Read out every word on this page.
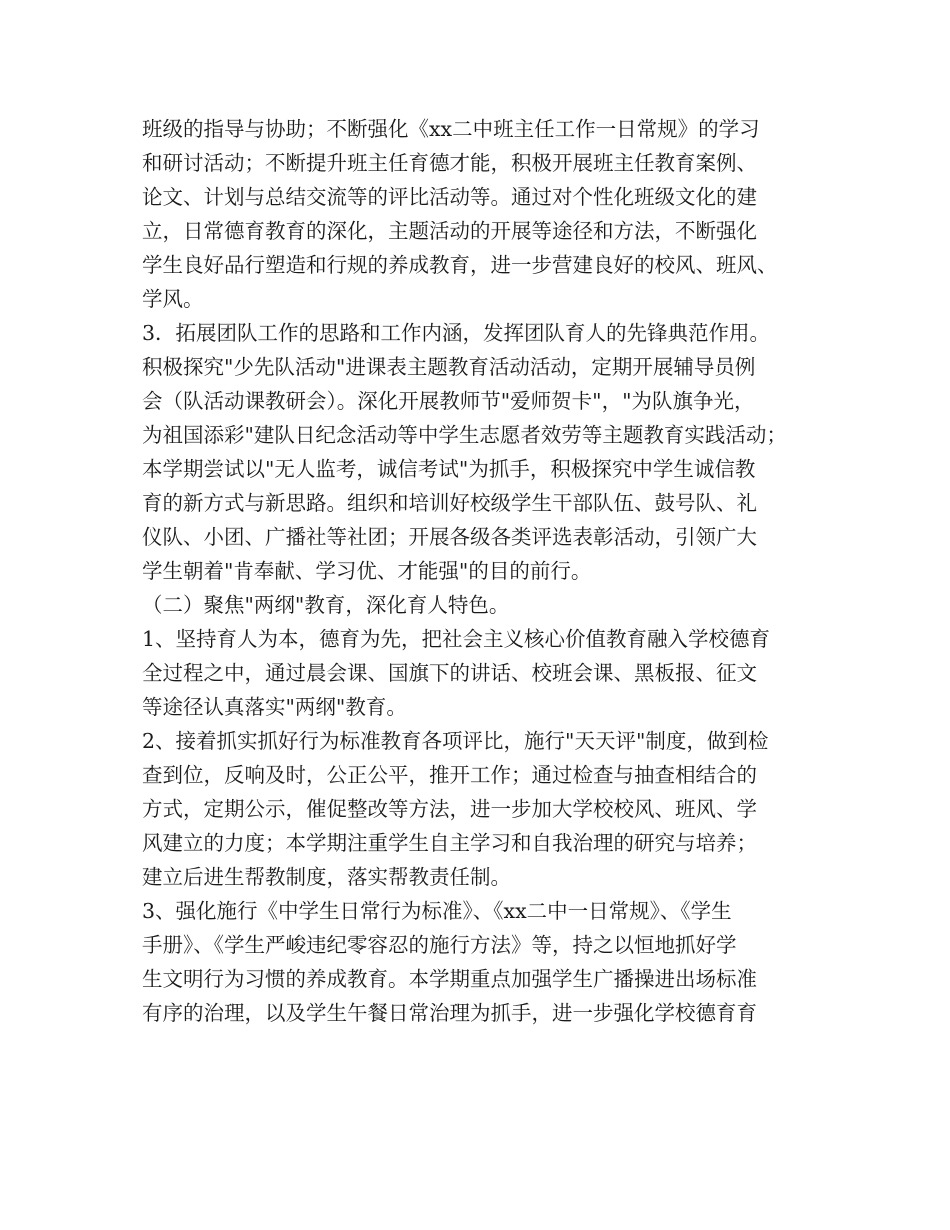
班级的指导与协助；不断强化《xx二中班主任工作一日常规》的学习
和研讨活动；不断提升班主任育德才能，积极开展班主任教育案例、
论文、计划与总结交流等的评比活动等。通过对个性化班级文化的建
立，日常德育教育的深化，主题活动的开展等途径和方法，不断强化
学生良好品行塑造和行规的养成教育，进一步营建良好的校风、班风、
学风。
3．拓展团队工作的思路和工作内涵，发挥团队育人的先锋典范作用。
积极探究"少先队活动"进课表主题教育活动活动，定期开展辅导员例
会（队活动课教研会）。深化开展教师节"爱师贺卡"，"为队旗争光，
为祖国添彩"建队日纪念活动等中学生志愿者效劳等主题教育实践活动；
本学期尝试以"无人监考，诚信考试"为抓手，积极探究中学生诚信教
育的新方式与新思路。组织和培训好校级学生干部队伍、鼓号队、礼
仪队、小团、广播社等社团；开展各级各类评选表彰活动，引领广大
学生朝着"肯奉献、学习优、才能强"的目的前行。
（二）聚焦"两纲"教育，深化育人特色。
1、坚持育人为本，德育为先，把社会主义核心价值教育融入学校德育
全过程之中，通过晨会课、国旗下的讲话、校班会课、黑板报、征文
等途径认真落实"两纲"教育。
2、接着抓实抓好行为标准教育各项评比，施行"天天评"制度，做到检
查到位，反响及时，公正公平，推开工作；通过检查与抽查相结合的
方式，定期公示，催促整改等方法，进一步加大学校校风、班风、学
风建立的力度；本学期注重学生自主学习和自我治理的研究与培养；
建立后进生帮教制度，落实帮教责任制。
3、强化施行《中学生日常行为标准》、《xx二中一日常规》、《学生
手册》、《学生严峻违纪零容忍的施行方法》等，持之以恒地抓好学
生文明行为习惯的养成教育。本学期重点加强学生广播操进出场标准
有序的治理，以及学生午餐日常治理为抓手，进一步强化学校德育育
